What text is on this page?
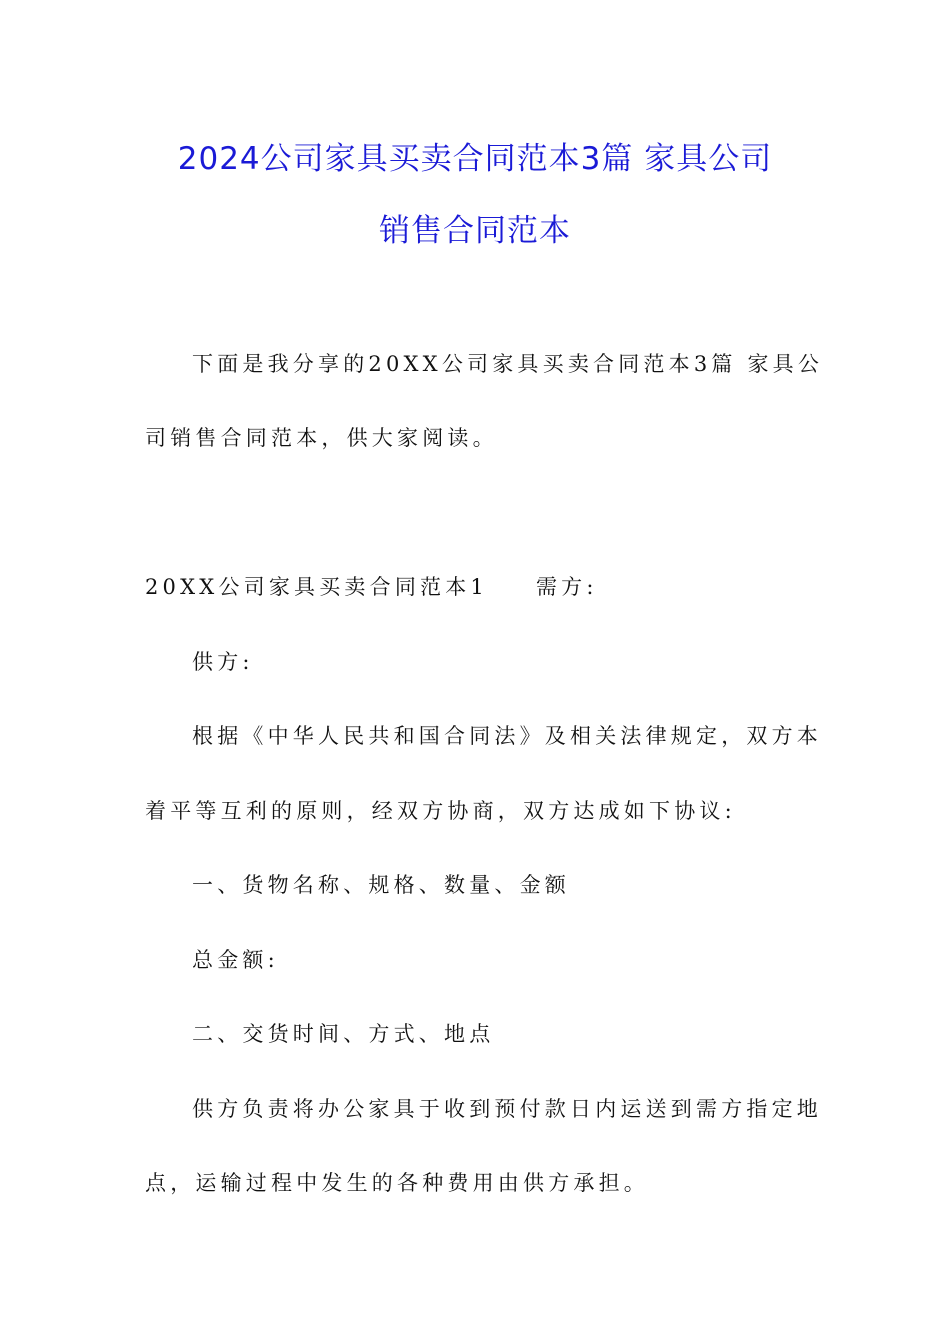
2024公司家具买卖合同范本3篇 家具公司
销售合同范本
下面是我分享的20XX公司家具买卖合同范本3篇 家具公
司销售合同范本，供大家阅读。
20XX公司家具买卖合同范本1 需方:
供方:
根据《中华人民共和国合同法》及相关法律规定，双方本
着平等互利的原则，经双方协商，双方达成如下协议:
一、货物名称、规格、数量、金额
总金额:
二、交货时间、方式、地点
供方负责将办公家具于收到预付款日内运送到需方指定地
点，运输过程中发生的各种费用由供方承担。
